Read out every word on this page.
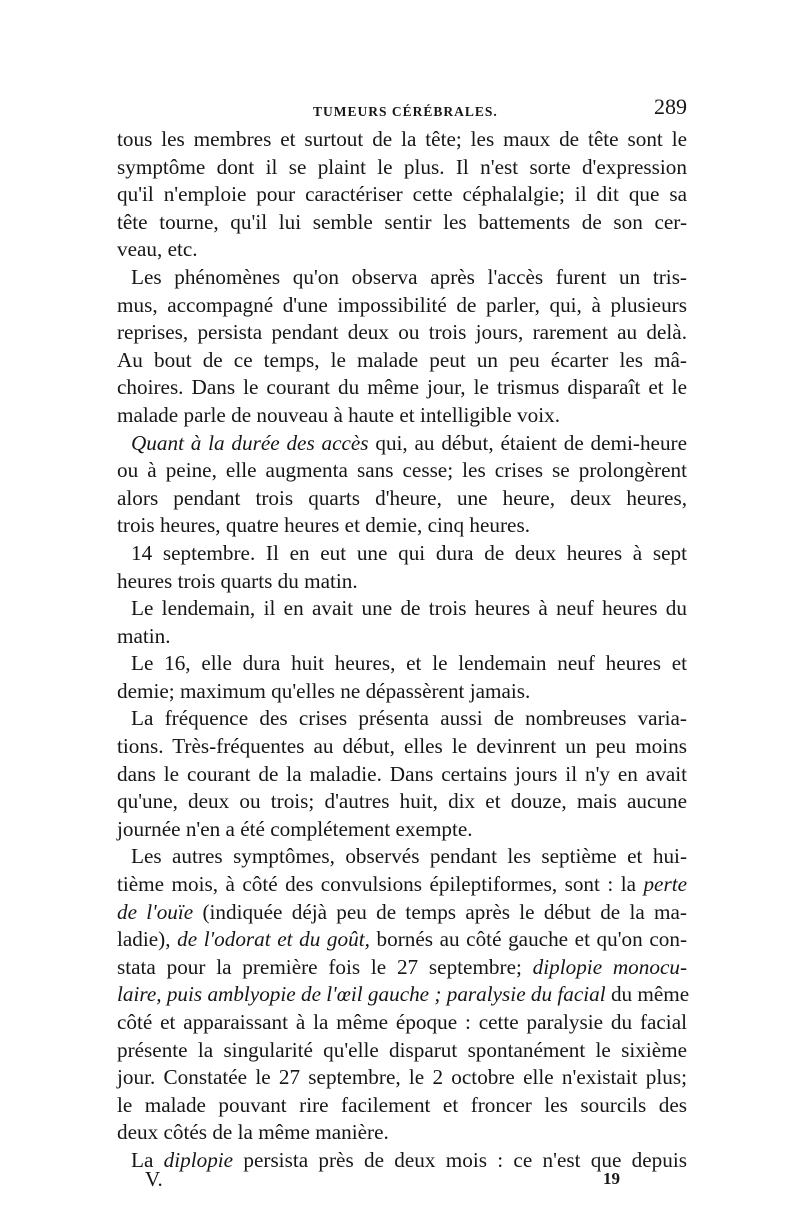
TUMEURS CÉRÉBRALES.	289
tous les membres et surtout de la tête; les maux de tête sont le
symptôme dont il se plaint le plus. Il n'est sorte d'expression
qu'il n'emploie pour caractériser cette céphalalgie; il dit que sa
tête tourne, qu'il lui semble sentir les battements de son cer-
veau, etc.
Les phénomènes qu'on observa après l'accès furent un tris-
mus, accompagné d'une impossibilité de parler, qui, à plusieurs
reprises, persista pendant deux ou trois jours, rarement au delà.
Au bout de ce temps, le malade peut un peu écarter les mâ-
choires. Dans le courant du même jour, le trismus disparaît et le
malade parle de nouveau à haute et intelligible voix.
Quant à la durée des accès qui, au début, étaient de demi-heure
ou à peine, elle augmenta sans cesse; les crises se prolongèrent
alors pendant trois quarts d'heure, une heure, deux heures,
trois heures, quatre heures et demie, cinq heures.
14 septembre. Il en eut une qui dura de deux heures à sept
heures trois quarts du matin.
Le lendemain, il en avait une de trois heures à neuf heures du
matin.
Le 16, elle dura huit heures, et le lendemain neuf heures et
demie; maximum qu'elles ne dépassèrent jamais.
La fréquence des crises présenta aussi de nombreuses varia-
tions. Très-fréquentes au début, elles le devinrent un peu moins
dans le courant de la maladie. Dans certains jours il n'y en avait
qu'une, deux ou trois; d'autres huit, dix et douze, mais aucune
journée n'en a été complétement exempte.
Les autres symptômes, observés pendant les septième et hui-
tième mois, à côté des convulsions épileptiformes, sont : la perte
de l'ouïe (indiquée déjà peu de temps après le début de la ma-
ladie), de l'odorat et du goût, bornés au côté gauche et qu'on con-
stata pour la première fois le 27 septembre; diplopie monocu-
laire, puis amblyopie de l'œil gauche ; paralysie du facial du même
côté et apparaissant à la même époque : cette paralysie du facial
présente la singularité qu'elle disparut spontanément le sixième
jour. Constatée le 27 septembre, le 2 octobre elle n'existait plus;
le malade pouvant rire facilement et froncer les sourcils des
deux côtés de la même manière.
La diplopie persista près de deux mois : ce n'est que depuis
V.	19
